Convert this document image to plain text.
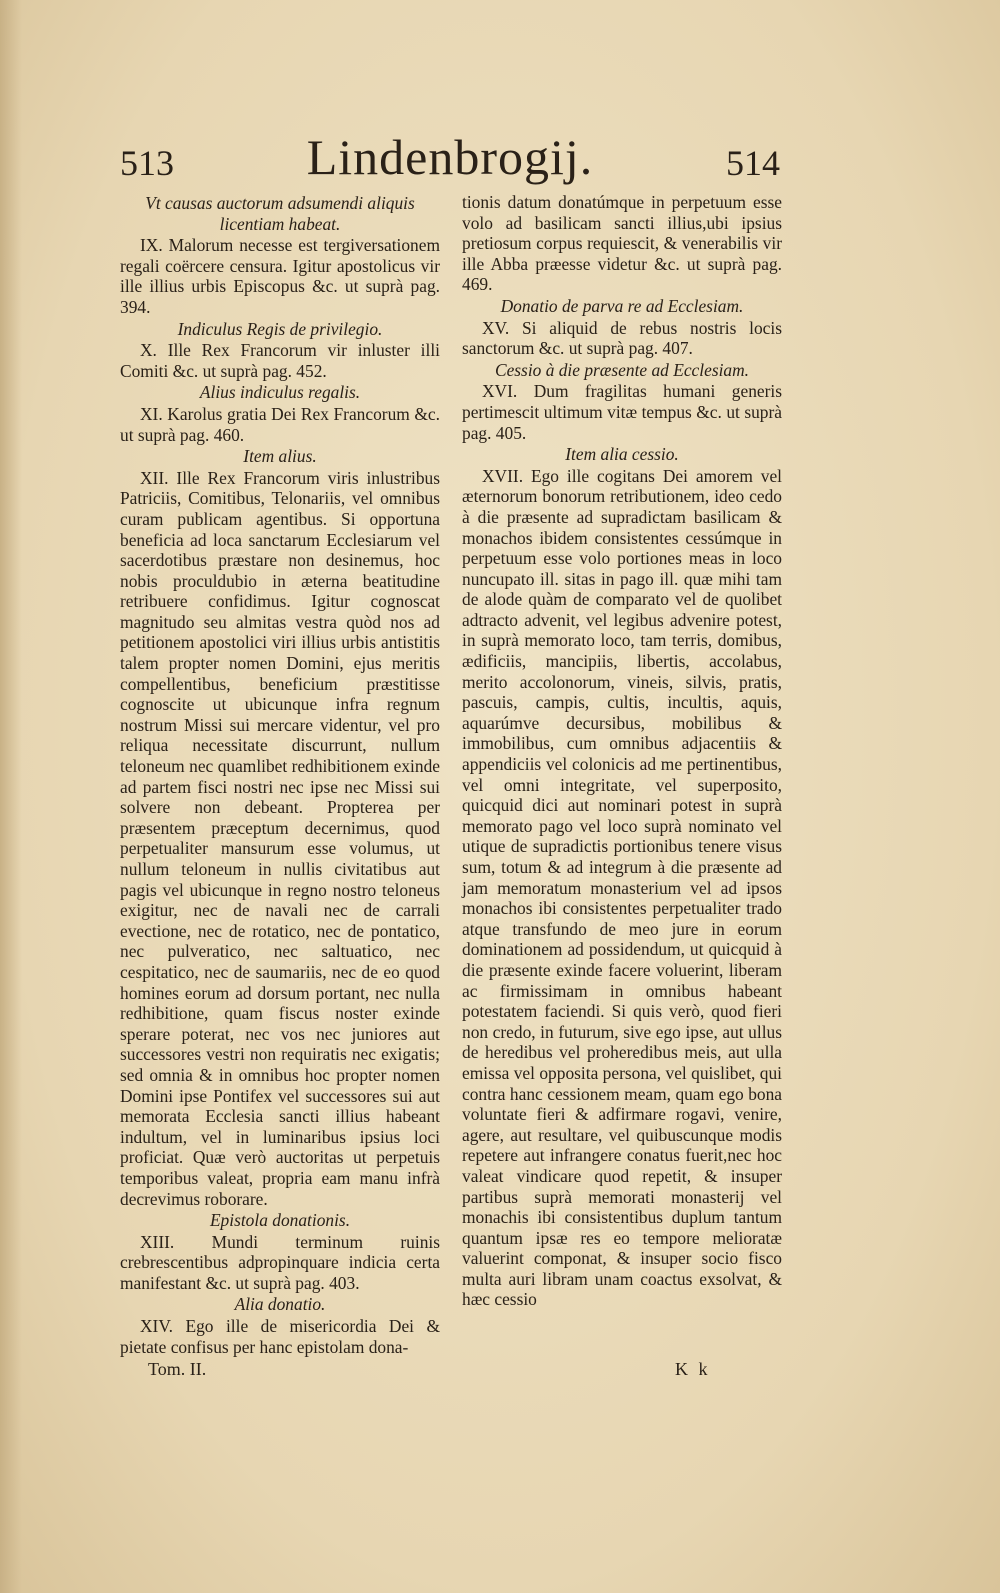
513	Lindenbrogij.	514

Vt causas auctorum adsumendi aliquis licentiam habeat.

IX. Malorum necesse est tergiversationem regali coërcere censura. Igitur apostolicus vir ille illius urbis Episcopus &c. ut suprà pag. 394.

Indiculus Regis de privilegio.

X. Ille Rex Francorum vir inluster illi Comiti &c. ut suprà pag. 452.

Alius indiculus regalis.

XI. Karolus gratia Dei Rex Francorum &c. ut suprà pag. 460.

Item alius.

XII. Ille Rex Francorum viris inlustribus Patriciis, Comitibus, Telonariis, vel omnibus curam publicam agentibus. Si opportuna beneficia ad loca sanctarum Ecclesiarum vel sacerdotibus præstare non desinemus, hoc nobis proculdubio in æterna beatitudine retribuere confidimus. Igitur cognoscat magnitudo seu almitas vestra quòd nos ad petitionem apostolici viri illius urbis antistitis talem propter nomen Domini, ejus meritis compellentibus, beneficium præstitisse cognoscite ut ubicunque infra regnum nostrum Missi sui mercare videntur, vel pro reliqua necessitate discurrunt, nullum teloneum nec quamlibet redhibitionem exinde ad partem fisci nostri nec ipse nec Missi sui solvere non debeant. Propterea per præsentem præceptum decernimus, quod perpetualiter mansurum esse volumus, ut nullum teloneum in nullis civitatibus aut pagis vel ubicunque in regno nostro teloneus exigitur, nec de navali nec de carrali evectione, nec de rotatico, nec de pontatico, nec pulveratico, nec saltuatico, nec cespitatico, nec de saumariis, nec de eo quod homines eorum ad dorsum portant, nec nulla redhibitione, quam fiscus noster exinde sperare poterat, nec vos nec juniores aut successores vestri non requiratis nec exigatis; sed omnia & in omnibus hoc propter nomen Domini ipse Pontifex vel successores sui aut memorata Ecclesia sancti illius habeant indultum, vel in luminaribus ipsius loci proficiat. Quæ verò auctoritas ut perpetuis temporibus valeat, propria eam manu infrà decrevimus roborare.

Epistola donationis.

XIII. Mundi terminum ruinis crebrescentibus adpropinquare indicia certa manifestant &c. ut suprà pag. 403.

Alia donatio.

XIV. Ego ille de misericordia Dei & pietate confisus per hanc epistolam dona-

tionis datum donatúmque in perpetuum esse volo ad basilicam sancti illius,ubi ipsius pretiosum corpus requiescit, & venerabilis vir ille Abba præesse videtur &c. ut suprà pag. 469.

Donatio de parva re ad Ecclesiam.

XV. Si aliquid de rebus nostris locis sanctorum &c. ut suprà pag. 407.

Cessio à die præsente ad Ecclesiam.

XVI. Dum fragilitas humani generis pertimescit ultimum vitæ tempus &c. ut suprà pag. 405.

Item alia cessio.

XVII. Ego ille cogitans Dei amorem vel æternorum bonorum retributionem, ideo cedo à die præsente ad supradictam basilicam & monachos ibidem consistentes cessúmque in perpetuum esse volo portiones meas in loco nuncupato ill. sitas in pago ill. quæ mihi tam de alode quàm de comparato vel de quolibet adtracto advenit, vel legibus advenire potest, in suprà memorato loco, tam terris, domibus, ædificiis, mancipiis, libertis, accolabus, merito accolonorum, vineis, silvis, pratis, pascuis, campis, cultis, incultis, aquis, aquarúmve decursibus, mobilibus & immobilibus, cum omnibus adjacentiis & appendiciis vel colonicis ad me pertinentibus, vel omni integritate, vel superposito, quicquid dici aut nominari potest in suprà memorato pago vel loco suprà nominato vel utique de supradictis portionibus tenere visus sum, totum & ad integrum à die præsente ad jam memoratum monasterium vel ad ipsos monachos ibi consistentes perpetualiter trado atque transfundo de meo jure in eorum dominationem ad possidendum, ut quicquid à die præsente exinde facere voluerint, liberam ac firmissimam in omnibus habeant potestatem faciendi. Si quis verò, quod fieri non credo, in futurum, sive ego ipse, aut ullus de heredibus vel proheredibus meis, aut ulla emissa vel opposita persona, vel quislibet, qui contra hanc cessionem meam, quam ego bona voluntate fieri & adfirmare rogavi, venire, agere, aut resultare, vel quibuscunque modis repetere aut infrangere conatus fuerit,nec hoc valeat vindicare quod repetit, & insuper partibus suprà memorati monasterij vel monachis ibi consistentibus duplum tantum quantum ipsæ res eo tempore melioratæ valuerint componat, & insuper socio fisco multa auri libram unam coactus exsolvat, & hæc cessio

Tom. II.	K k
